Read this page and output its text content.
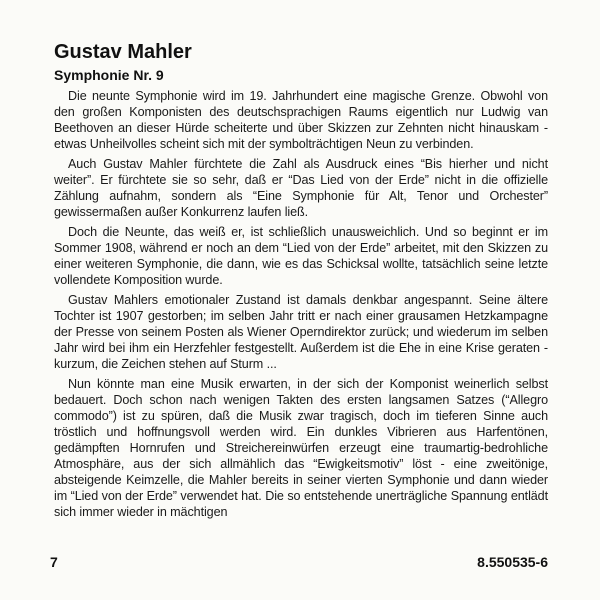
Gustav Mahler
Symphonie Nr. 9

Die neunte Symphonie wird im 19. Jahrhundert eine magische Grenze. Obwohl von den großen Komponisten des deutschsprachigen Raums eigentlich nur Ludwig van Beethoven an dieser Hürde scheiterte und über Skizzen zur Zehnten nicht hinauskam - etwas Unheilvolles scheint sich mit der symbolträchtigen Neun zu verbinden.

Auch Gustav Mahler fürchtete die Zahl als Ausdruck eines “Bis hierher und nicht weiter”. Er fürchtete sie so sehr, daß er “Das Lied von der Erde” nicht in die offizielle Zählung aufnahm, sondern als “Eine Symphonie für Alt, Tenor und Orchester” gewissermaßen außer Konkurrenz laufen ließ.

Doch die Neunte, das weiß er, ist schließlich unausweichlich. Und so beginnt er im Sommer 1908, während er noch an dem “Lied von der Erde” arbeitet, mit den Skizzen zu einer weiteren Symphonie, die dann, wie es das Schicksal wollte, tatsächlich seine letzte vollendete Komposition wurde.

Gustav Mahlers emotionaler Zustand ist damals denkbar angespannt. Seine ältere Tochter ist 1907 gestorben; im selben Jahr tritt er nach einer grausamen Hetzkampagne der Presse von seinem Posten als Wiener Operndirektor zurück; und wiederum im selben Jahr wird bei ihm ein Herzfehler festgestellt. Außerdem ist die Ehe in eine Krise geraten - kurzum, die Zeichen stehen auf Sturm ...

Nun könnte man eine Musik erwarten, in der sich der Komponist weinerlich selbst bedauert. Doch schon nach wenigen Takten des ersten langsamen Satzes (“Allegro commodo”) ist zu spüren, daß die Musik zwar tragisch, doch im tieferen Sinne auch tröstlich und hoffnungsvoll werden wird. Ein dunkles Vibrieren aus Harfentönen, gedämpften Hornrufen und Streichereinwürfen erzeugt eine traumartig-bedrohliche Atmosphäre, aus der sich allmählich das “Ewigkeitsmotiv” löst - eine zweitönige, absteigende Keimzelle, die Mahler bereits in seiner vierten Symphonie und dann wieder im “Lied von der Erde” verwendet hat. Die so entstehende unerträgliche Spannung entlädt sich immer wieder in mächtigen

7	8.550535-6
